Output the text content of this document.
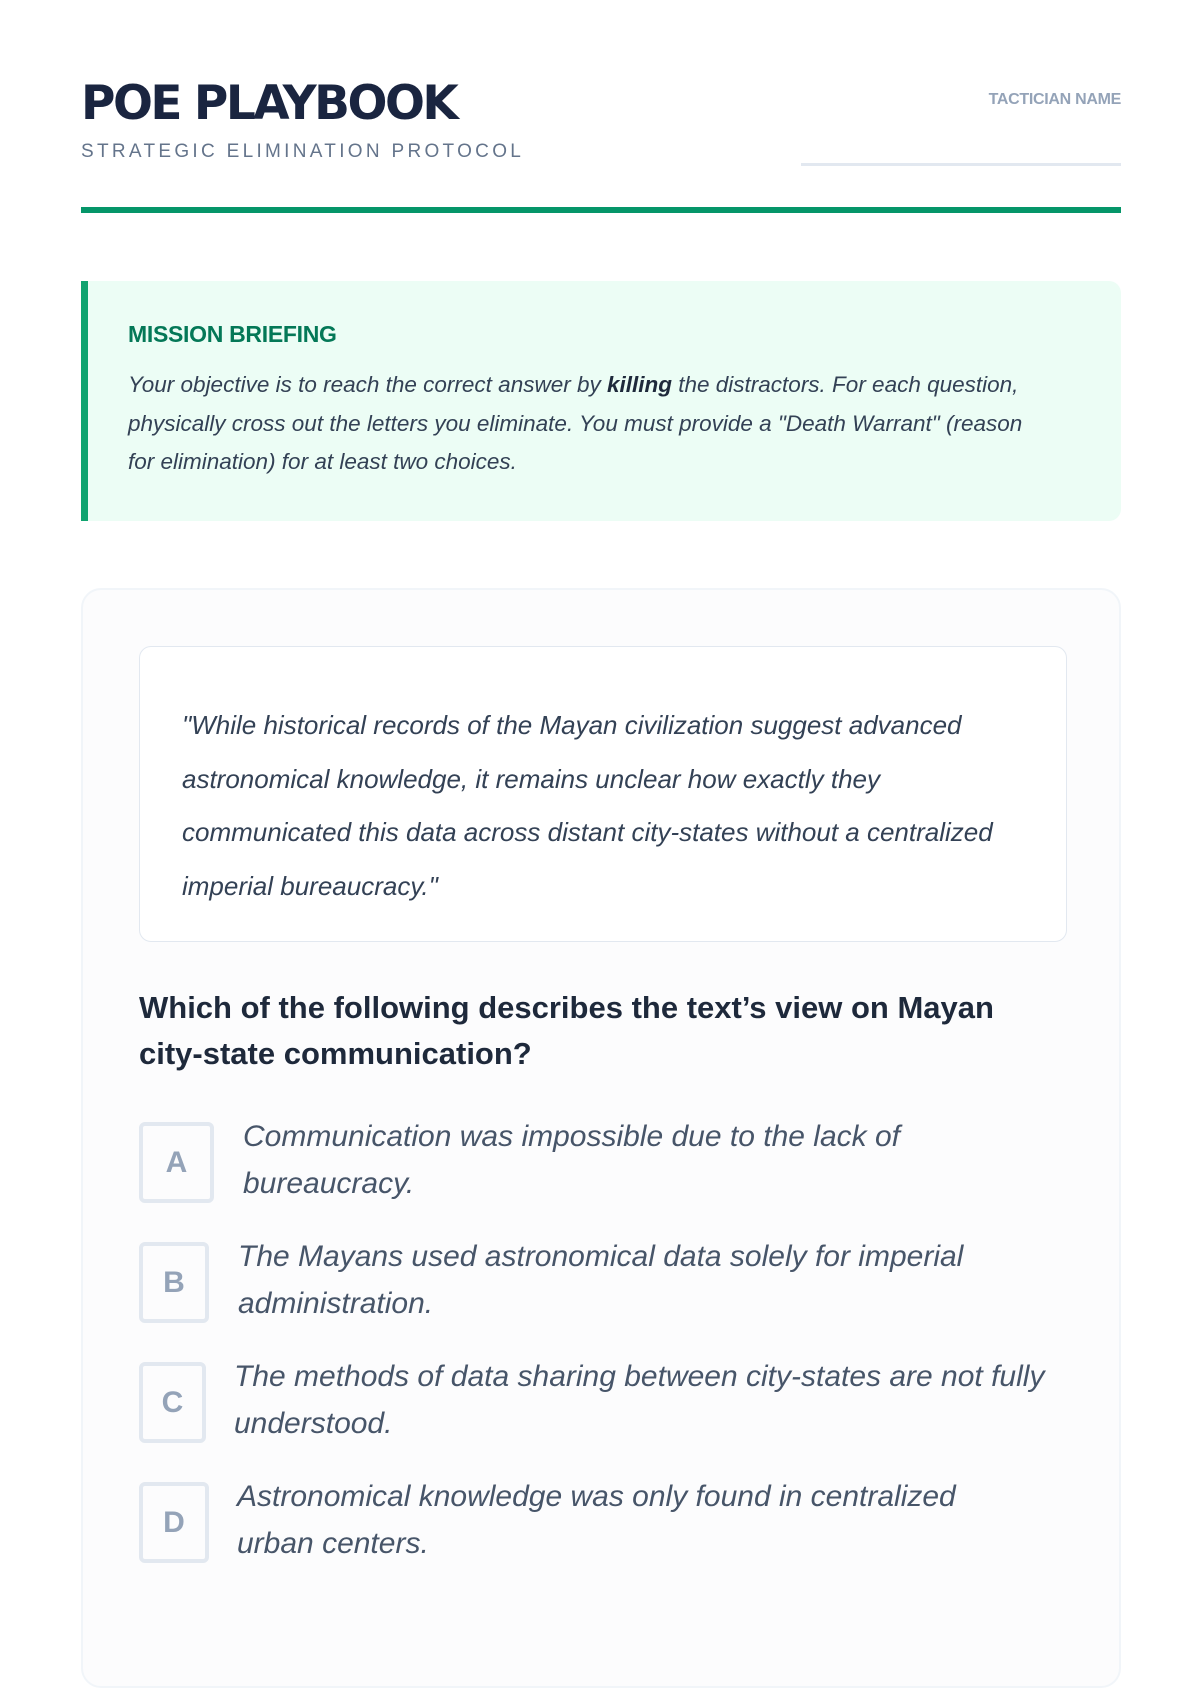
POE PLAYBOOK
STRATEGIC ELIMINATION PROTOCOL
TACTICIAN NAME
MISSION BRIEFING

Your objective is to reach the correct answer by killing the distractors. For each question, physically cross out the letters you eliminate. You must provide a "Death Warrant" (reason for elimination) for at least two choices.

"While historical records of the Mayan civilization suggest advanced astronomical knowledge, it remains unclear how exactly they communicated this data across distant city-states without a centralized imperial bureaucracy."

Which of the following describes the text’s view on Mayan city-state communication?

A

Communication was impossible due to the lack of bureaucracy.

B

The Mayans used astronomical data solely for imperial administration.

C

The methods of data sharing between city-states are not fully understood.

D

Astronomical knowledge was only found in centralized urban centers.
